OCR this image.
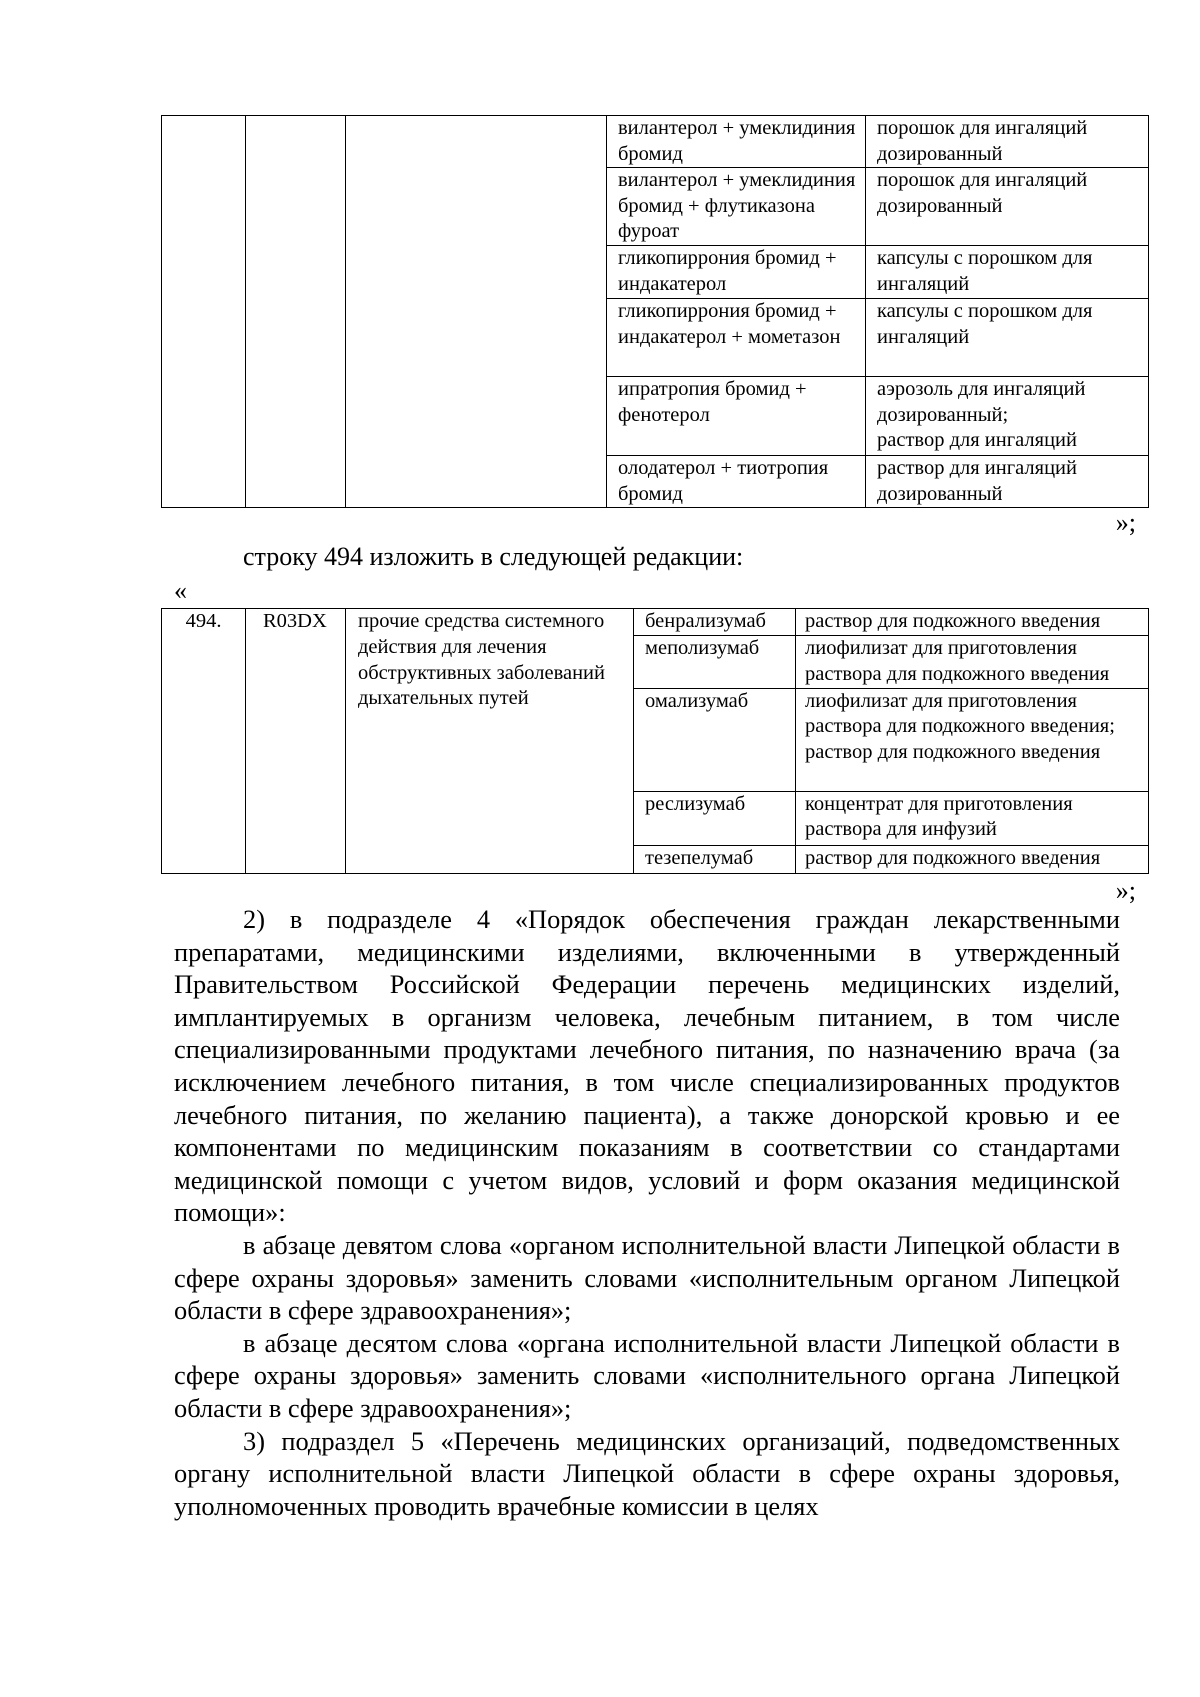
			вилантерол + умеклидиния бромид	порошок для ингаляций дозированный

			вилантерол + умеклидиния бромид + флутиказона фуроат	порошок для ингаляций дозированный

			гликопиррония бромид + индакатерол	капсулы с порошком для ингаляций

			гликопиррония бромид + индакатерол + мометазон	капсулы с порошком для ингаляций

			ипратропия бромид + фенотерол	аэрозоль для ингаляций дозированный;
раствор для ингаляций

			олодатерол + тиотропия бромид	раствор для ингаляций дозированный
»;
строку 494 изложить в следующей редакции:
«
494.	R03DX	прочие средства системного действия для лечения обструктивных заболеваний дыхательных путей	бенрализумаб	раствор для подкожного введения

			меполизумаб	лиофилизат для приготовления раствора для подкожного введения

			омализумаб	лиофилизат для приготовления раствора для подкожного введения;
раствор для подкожного введения

			реслизумаб	концентрат для приготовления раствора для инфузий

			тезепелумаб	раствор для подкожного введения
»;

2) в подразделе 4 «Порядок обеспечения граждан лекарственными препаратами, медицинскими изделиями, включенными в утвержденный Правительством Российской Федерации перечень медицинских изделий, имплантируемых в организм человека, лечебным питанием, в том числе специализированными продуктами лечебного питания, по назначению врача (за исключением лечебного питания, в том числе специализированных продуктов лечебного питания, по желанию пациента), а также донорской кровью и ее компонентами по медицинским показаниям в соответствии со стандартами медицинской помощи с учетом видов, условий и форм оказания медицинской помощи»:

в абзаце девятом слова «органом исполнительной власти Липецкой области в сфере охраны здоровья» заменить словами «исполнительным органом Липецкой области в сфере здравоохранения»;

в абзаце десятом слова «органа исполнительной власти Липецкой области в сфере охраны здоровья» заменить словами «исполнительного органа Липецкой области в сфере здравоохранения»;

3) подраздел 5 «Перечень медицинских организаций, подведомственных органу исполнительной власти Липецкой области в сфере охраны здоровья, уполномоченных проводить врачебные комиссии в целях
